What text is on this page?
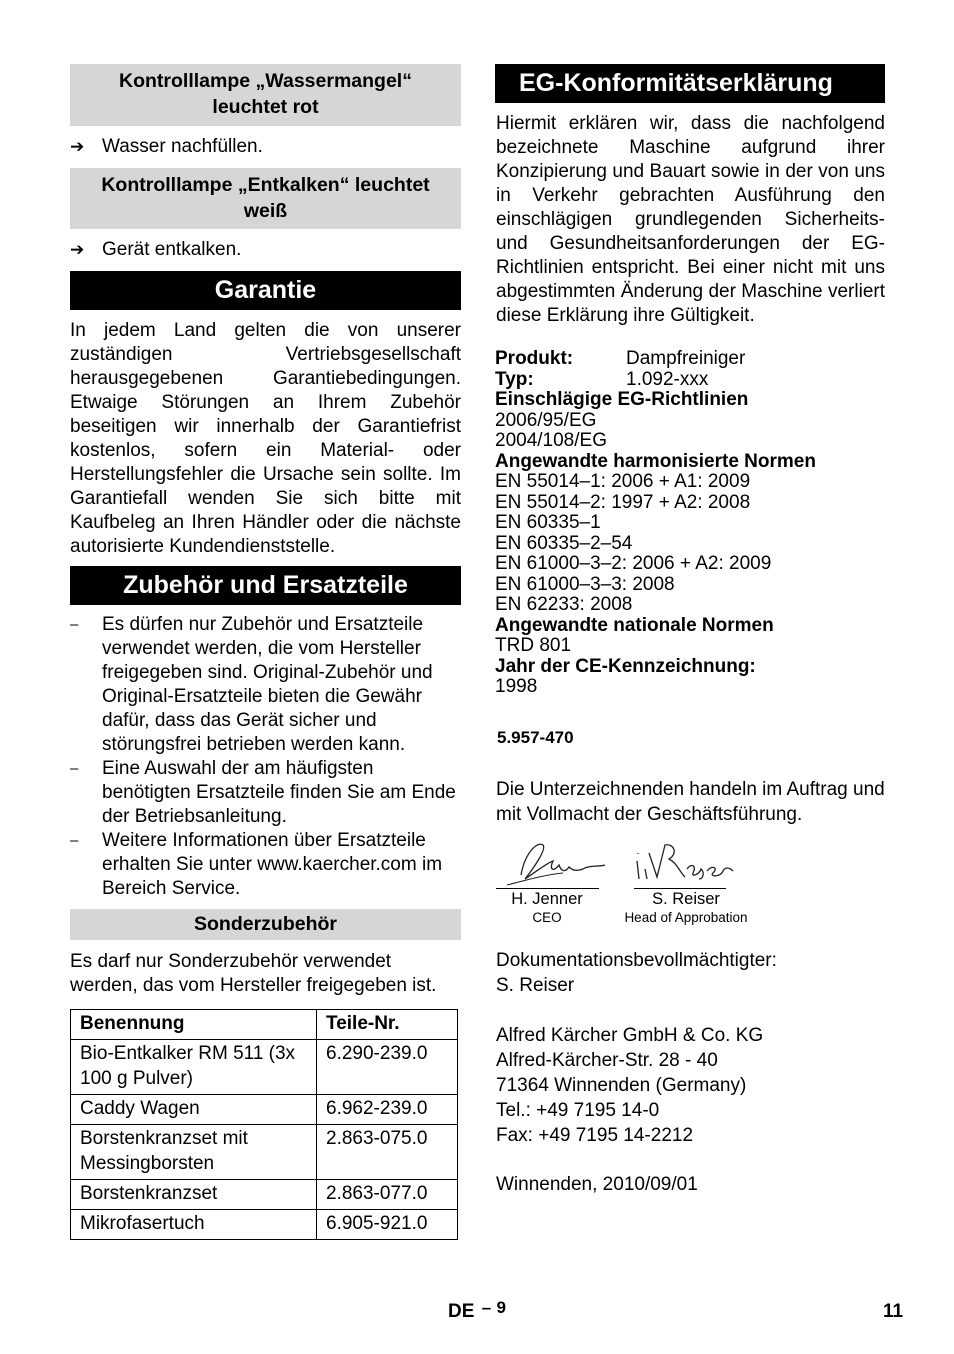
Kontrolllampe „Wassermangel“ leuchtet rot
➔ Wasser nachfüllen.
Kontrolllampe „Entkalken“ leuchtet weiß
➔ Gerät entkalken.
Garantie
In jedem Land gelten die von unserer zuständigen Vertriebsgesellschaft herausgegebenen Garantiebedingungen. Etwaige Störungen an Ihrem Zubehör beseitigen wir innerhalb der Garantiefrist kostenlos, sofern ein Material- oder Herstellungsfehler die Ursache sein sollte. Im Garantiefall wenden Sie sich bitte mit Kaufbeleg an Ihren Händler oder die nächste autorisierte Kundendienststelle.
Zubehör und Ersatzteile
–	Es dürfen nur Zubehör und Ersatzteile verwendet werden, die vom Hersteller freigegeben sind. Original-Zubehör und Original-Ersatzteile bieten die Gewähr dafür, dass das Gerät sicher und störungsfrei betrieben werden kann.
–	Eine Auswahl der am häufigsten benötigten Ersatzteile finden Sie am Ende der Betriebsanleitung.
–	Weitere Informationen über Ersatzteile erhalten Sie unter www.kaercher.com im Bereich Service.
Sonderzubehör
Es darf nur Sonderzubehör verwendet werden, das vom Hersteller freigegeben ist.
Benennung	Teile-Nr.
Bio-Entkalker RM 511 (3x 100 g Pulver)	6.290-239.0
Caddy Wagen	6.962-239.0
Borstenkranzset mit Messingborsten	2.863-075.0
Borstenkranzset	2.863-077.0
Mikrofasertuch	6.905-921.0
EG-Konformitätserklärung
Hiermit erklären wir, dass die nachfolgend bezeichnete Maschine aufgrund ihrer Konzipierung und Bauart sowie in der von uns in Verkehr gebrachten Ausführung den einschlägigen grundlegenden Sicherheits- und Gesundheitsanforderungen der EG-Richtlinien entspricht. Bei einer nicht mit uns abgestimmten Änderung der Maschine verliert diese Erklärung ihre Gültigkeit.
Produkt:	Dampfreiniger
Typ:	1.092-xxx
Einschlägige EG-Richtlinien
2006/95/EG
2004/108/EG
Angewandte harmonisierte Normen
EN 55014–1: 2006 + A1: 2009
EN 55014–2: 1997 + A2: 2008
EN 60335–1
EN 60335–2–54
EN 61000–3–2: 2006 + A2: 2009
EN 61000–3–3: 2008
EN 62233: 2008
Angewandte nationale Normen
TRD 801
Jahr der CE-Kennzeichnung:
1998
5.957-470
Die Unterzeichnenden handeln im Auftrag und mit Vollmacht der Geschäftsführung.
H. Jenner
CEO
S. Reiser
Head of Approbation
Dokumentationsbevollmächtigter:
S. Reiser
Alfred Kärcher GmbH & Co. KG
Alfred-Kärcher-Str. 28 - 40
71364 Winnenden (Germany)
Tel.: +49 7195 14-0
Fax: +49 7195 14-2212
Winnenden, 2010/09/01
DE – 9	11
